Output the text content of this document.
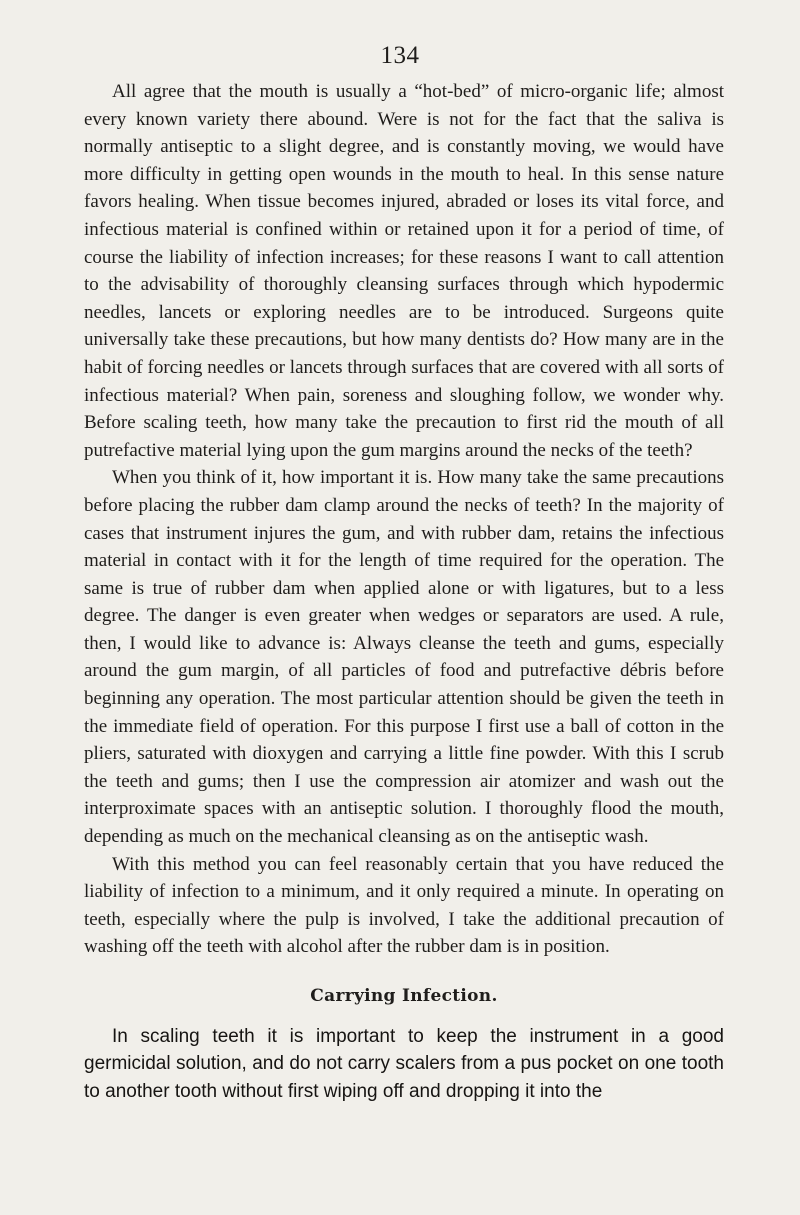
134

All agree that the mouth is usually a “hot-bed” of micro-organic life; almost every known variety there abound. Were is not for the fact that the saliva is normally antiseptic to a slight degree, and is constantly moving, we would have more difficulty in getting open wounds in the mouth to heal. In this sense nature favors healing. When tissue becomes injured, abraded or loses its vital force, and infectious material is confined within or retained upon it for a period of time, of course the liability of infection increases; for these reasons I want to call attention to the advisability of thoroughly cleansing surfaces through which hypodermic needles, lancets or exploring needles are to be introduced. Surgeons quite universally take these precautions, but how many dentists do? How many are in the habit of forcing needles or lancets through surfaces that are covered with all sorts of infectious material? When pain, soreness and sloughing follow, we wonder why. Before scaling teeth, how many take the precaution to first rid the mouth of all putrefactive material lying upon the gum margins around the necks of the teeth?

When you think of it, how important it is. How many take the same precautions before placing the rubber dam clamp around the necks of teeth? In the majority of cases that instrument injures the gum, and with rubber dam, retains the infectious material in contact with it for the length of time required for the operation. The same is true of rubber dam when applied alone or with ligatures, but to a less degree. The danger is even greater when wedges or separators are used. A rule, then, I would like to advance is: Always cleanse the teeth and gums, especially around the gum margin, of all particles of food and putrefactive débris before beginning any operation. The most particular attention should be given the teeth in the immediate field of operation. For this purpose I first use a ball of cotton in the pliers, saturated with dioxygen and carrying a little fine powder. With this I scrub the teeth and gums; then I use the compression air atomizer and wash out the interproximate spaces with an antiseptic solution. I thoroughly flood the mouth, depending as much on the mechanical cleansing as on the antiseptic wash.

With this method you can feel reasonably certain that you have reduced the liability of infection to a minimum, and it only required a minute. In operating on teeth, especially where the pulp is involved, I take the additional precaution of washing off the teeth with alcohol after the rubber dam is in position.

Carrying Infection.

In scaling teeth it is important to keep the instrument in a good germicidal solution, and do not carry scalers from a pus pocket on one tooth to another tooth without first wiping off and dropping it into the
